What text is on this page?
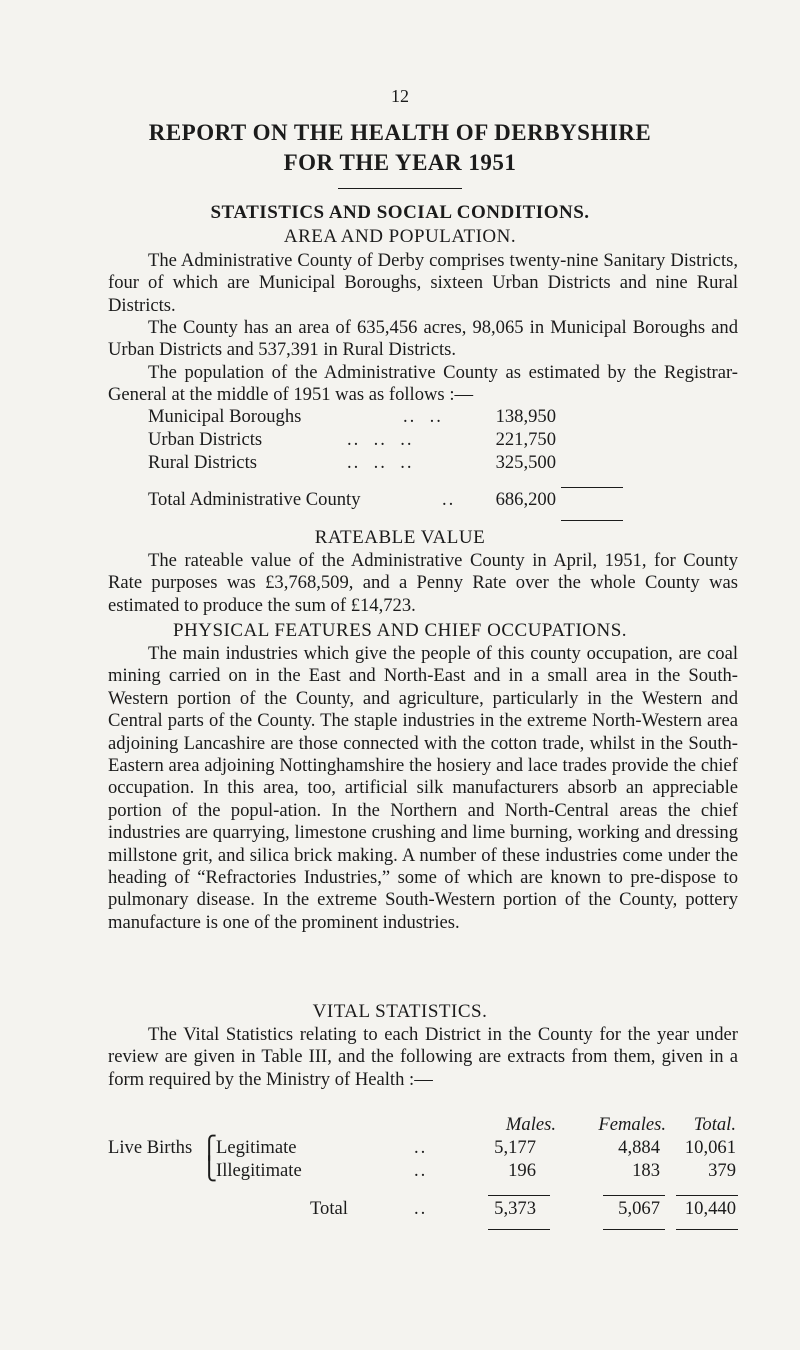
12
REPORT ON THE HEALTH OF DERBYSHIRE
FOR THE YEAR 1951
STATISTICS AND SOCIAL CONDITIONS.
AREA AND POPULATION.
The Administrative County of Derby comprises twenty-nine Sanitary Districts, four of which are Municipal Boroughs, sixteen Urban Districts and nine Rural Districts.
The County has an area of 635,456 acres, 98,065 in Municipal Boroughs and Urban Districts and 537,391 in Rural Districts.
The population of the Administrative County as estimated by the Registrar-General at the middle of 1951 was as follows :—
Municipal Boroughs	..  ..	138,950
Urban Districts	..  ..  ..	221,750
Rural Districts	..  ..  ..	325,500
Total Administrative County	..	686,200
RATEABLE VALUE
The rateable value of the Administrative County in April, 1951, for County Rate purposes was £3,768,509, and a Penny Rate over the whole County was estimated to produce the sum of £14,723.
PHYSICAL FEATURES AND CHIEF OCCUPATIONS.
The main industries which give the people of this county occupation, are coal mining carried on in the East and North-East and in a small area in the South-Western portion of the County, and agriculture, particularly in the Western and Central parts of the County. The staple industries in the extreme North-Western area adjoining Lancashire are those connected with the cotton trade, whilst in the South-Eastern area adjoining Nottinghamshire the hosiery and lace trades provide the chief occupation. In this area, too, artificial silk manufacturers absorb an appreciable portion of the popul-ation. In the Northern and North-Central areas the chief industries are quarrying, limestone crushing and lime burning, working and dressing millstone grit, and silica brick making. A number of these industries come under the heading of “Refractories Industries,” some of which are known to pre-dispose to pulmonary disease. In the extreme South-Western portion of the County, pottery manufacture is one of the prominent industries.
VITAL STATISTICS.
The Vital Statistics relating to each District in the County for the year under review are given in Table III, and the following are extracts from them, given in a form required by the Ministry of Health :—
Males.	Females.	Total.
Live Births ⎧
Legitimate	..	5,177	4,884	10,061
⎩
Illegitimate	..	196	183	379
Total	..	5,373	5,067	10,440
